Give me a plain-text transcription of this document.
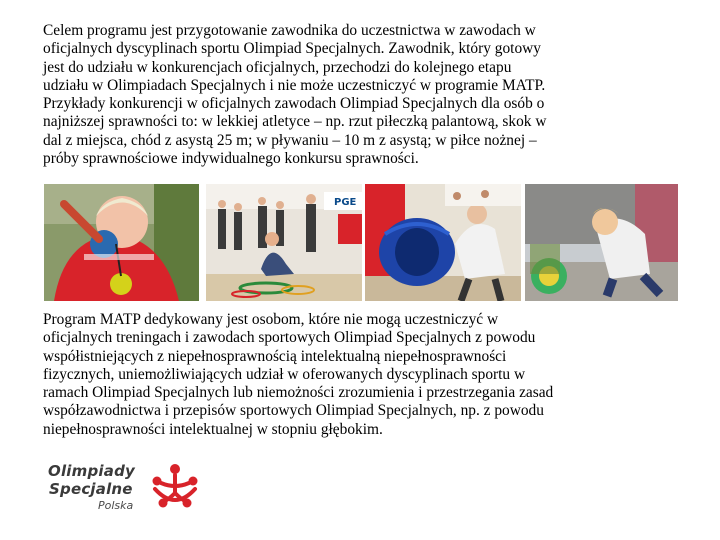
Celem programu jest przygotowanie zawodnika do uczestnictwa w zawodach w
oficjalnych dyscyplinach sportu Olimpiad Specjalnych. Zawodnik, który gotowy
jest do udziału w konkurencjach oficjalnych, przechodzi do kolejnego etapu
udziału w Olimpiadach Specjalnych i nie może uczestniczyć w programie MATP.
Przykłady konkurencji w oficjalnych zawodach Olimpiad Specjalnych dla osób o
najniższej sprawności to: w lekkiej atletyce – np. rzut piłeczką palantową, skok w
dal z miejsca, chód z asystą 25 m; w pływaniu – 10 m z asystą; w piłce nożnej –
próby sprawnościowe indywidualnego konkursu sprawności.

PGE

Program MATP dedykowany jest osobom, które nie mogą uczestniczyć w
oficjalnych treningach i zawodach sportowych Olimpiad Specjalnych z powodu
współistniejących z niepełnosprawnością intelektualną niepełnosprawności
fizycznych, uniemożliwiających udział w oferowanych dyscyplinach sportu w
ramach Olimpiad Specjalnych lub niemożności zrozumienia i przestrzegania zasad
współzawodnictwa i przepisów sportowych Olimpiad Specjalnych, np. z powodu
niepełnosprawności intelektualnej w stopniu głębokim.

Olimpiady
Specjalne
Polska
